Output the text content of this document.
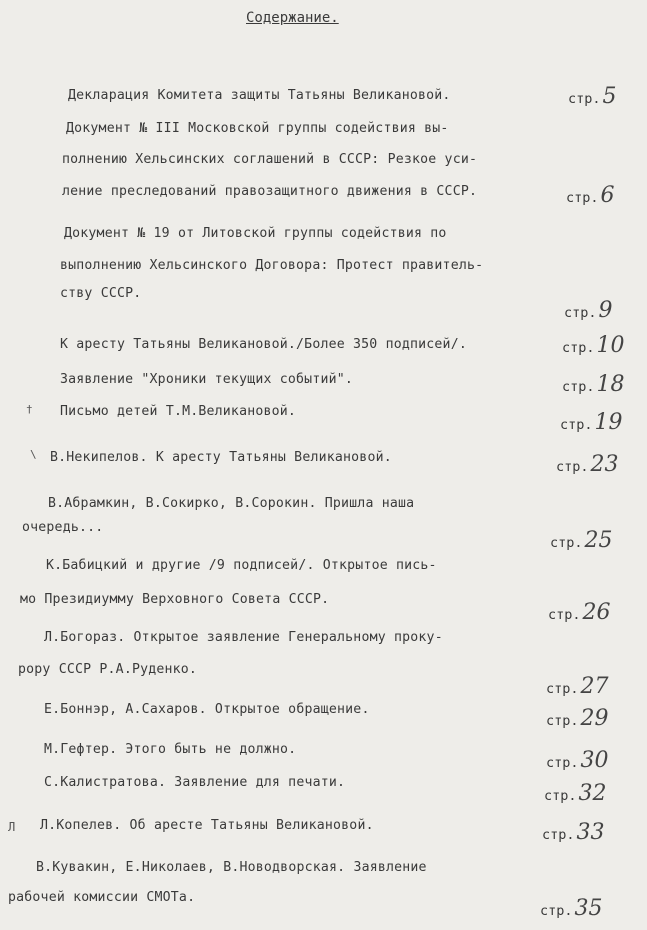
Содержание.
Декларация Комитета защиты Татьяны Великановой.	стр.5
Документ № III Московской группы содействия вы-
полнению Хельсинских соглашений в СССР: Резкое уси-
ление преследований правозащитного движения в СССР.	стр.6
Документ № 19 от Литовской группы содействия по
выполнению Хельсинского Договора: Протест правитель-
ству СССР.
стр.9
К аресту Татьяны Великановой./Более 350 подписей/.	стр.10
Заявление "Хроники текущих событий".	стр.18
† Письмо детей Т.М.Великановой.
стр.19
\ В.Некипелов. К аресту Татьяны Великановой.
стр.23
В.Абрамкин, В.Сокирко, В.Сорокин. Пришла наша
очередь...
стр.25
К.Бабицкий и другие /9 подписей/. Открытое пись-
мо Президиумму Верховного Совета СССР.
стр.26
Л.Богораз. Открытое заявление Генеральному проку-
рору СССР Р.А.Руденко.
стр.27
Е.Боннэр, А.Сахаров. Открытое обращение.
стр.29
М.Гефтер. Этого быть не должно.
стр.30
С.Калистратова. Заявление для печати.
стр.32
Л Л.Копелев. Об аресте Татьяны Великановой.
стр.33
В.Кувакин, Е.Николаев, В.Новодворская. Заявление
рабочей комиссии СМОТа.
стр.35
